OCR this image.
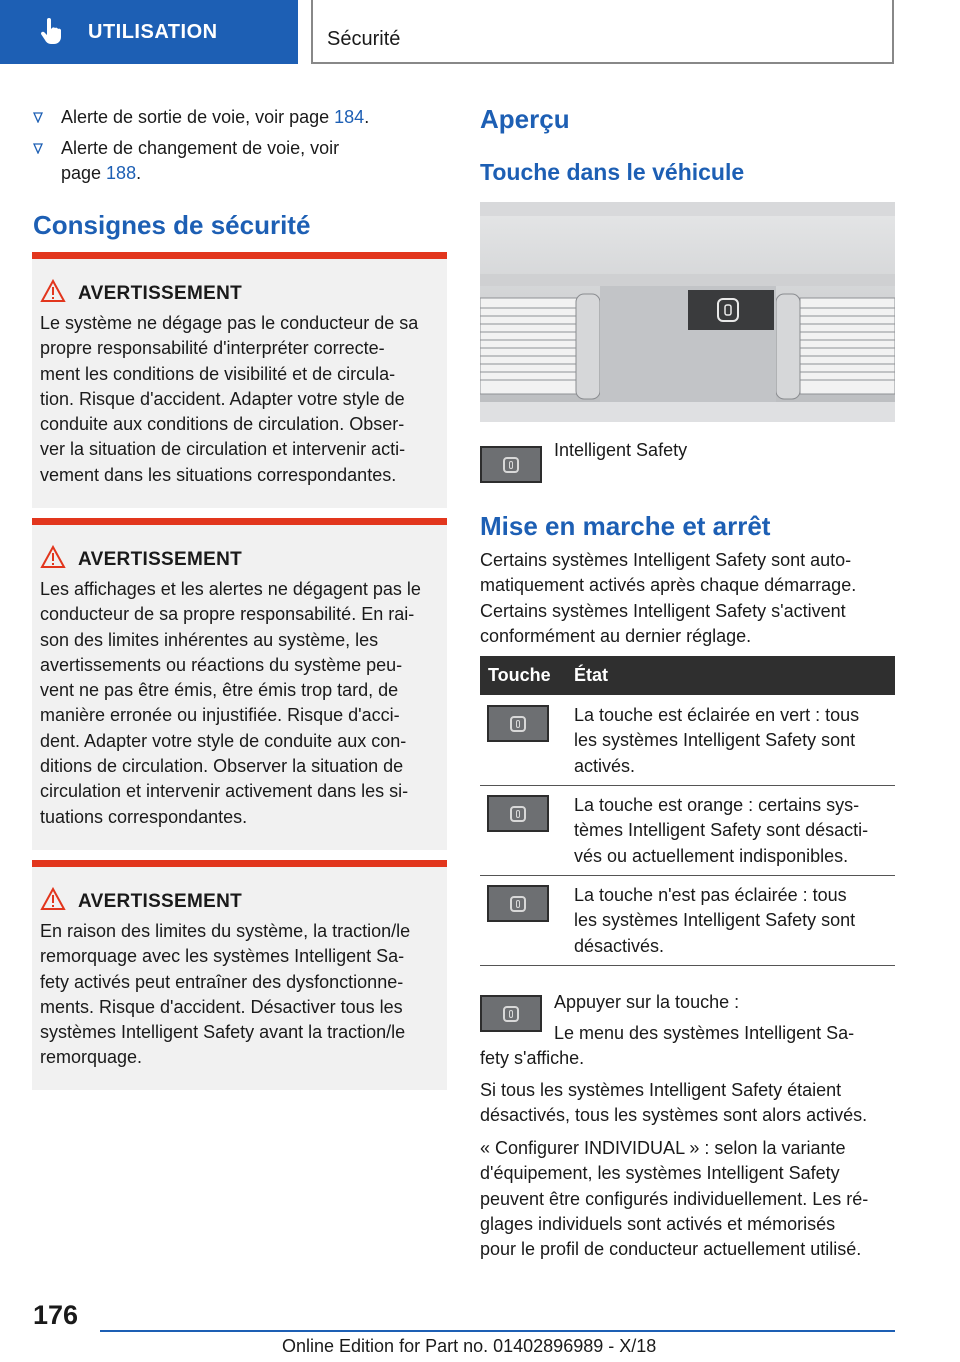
UTILISATION	Sécurité
Alerte de sortie de voie, voir page 184.
Alerte de changement de voie, voir
page 188.
Consignes de sécurité
AVERTISSEMENT
Le système ne dégage pas le conducteur de sa
propre responsabilité d'interpréter correcte-
ment les conditions de visibilité et de circula-
tion. Risque d'accident. Adapter votre style de
conduite aux conditions de circulation. Obser-
ver la situation de circulation et intervenir acti-
vement dans les situations correspondantes.
AVERTISSEMENT
Les affichages et les alertes ne dégagent pas le
conducteur de sa propre responsabilité. En rai-
son des limites inhérentes au système, les
avertissements ou réactions du système peu-
vent ne pas être émis, être émis trop tard, de
manière erronée ou injustifiée. Risque d'acci-
dent. Adapter votre style de conduite aux con-
ditions de circulation. Observer la situation de
circulation et intervenir activement dans les si-
tuations correspondantes.
AVERTISSEMENT
En raison des limites du système, la traction/le
remorquage avec les systèmes Intelligent Sa-
fety activés peut entraîner des dysfonctionne-
ments. Risque d'accident. Désactiver tous les
systèmes Intelligent Safety avant la traction/le
remorquage.
Aperçu
Touche dans le véhicule
Intelligent Safety
Mise en marche et arrêt
Certains systèmes Intelligent Safety sont auto-
matiquement activés après chaque démarrage.
Certains systèmes Intelligent Safety s'activent
conformément au dernier réglage.
Touche État
La touche est éclairée en vert : tous
les systèmes Intelligent Safety sont
activés.
La touche est orange : certains sys-
tèmes Intelligent Safety sont désacti-
vés ou actuellement indisponibles.
La touche n'est pas éclairée : tous
les systèmes Intelligent Safety sont
désactivés.
Appuyer sur la touche :
Le menu des systèmes Intelligent Sa-
fety s'affiche.
Si tous les systèmes Intelligent Safety étaient
désactivés, tous les systèmes sont alors activés.
« Configurer INDIVIDUAL » : selon la variante
d'équipement, les systèmes Intelligent Safety
peuvent être configurés individuellement. Les ré-
glages individuels sont activés et mémorisés
pour le profil de conducteur actuellement utilisé.
176
Online Edition for Part no. 01402896989 - X/18
